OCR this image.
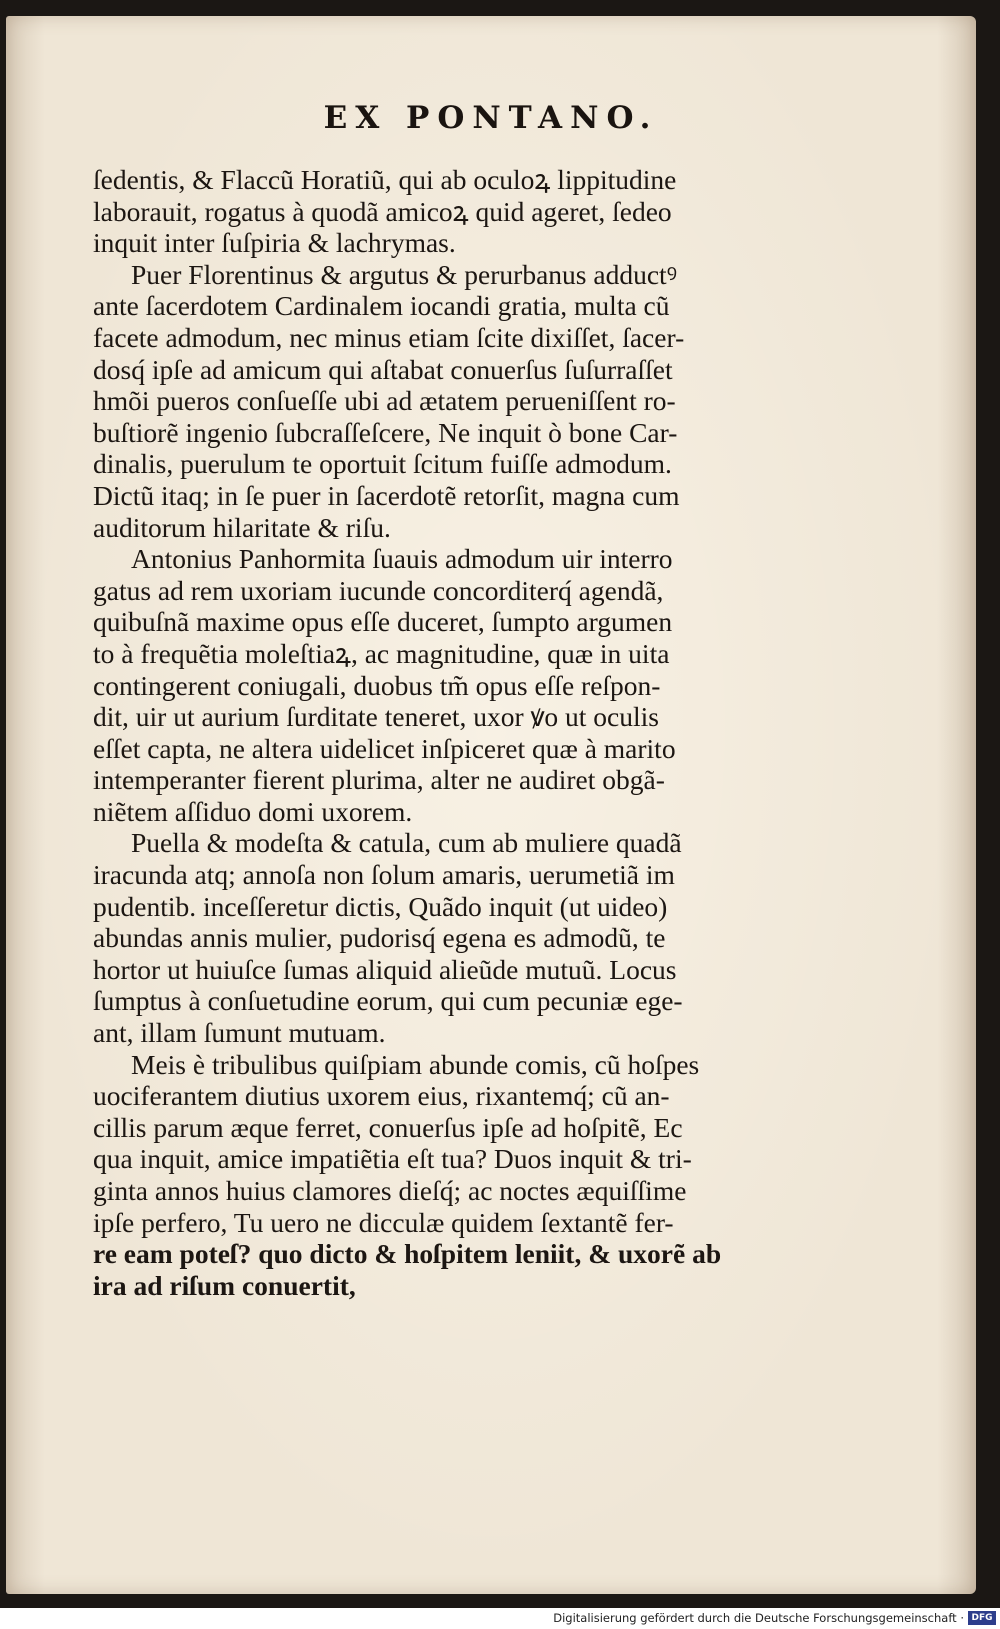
EX PONTANO.
ſedentis, & Flaccũ Horatiũ, qui ab oculoꝝ lippitudine
laborauit, rogatus à quodã amicoꝝ quid ageret, ſedeo
inquit inter ſuſpiria & lachrymas.
Puer Florentinus & argutus & perurbanus adductꝰ
ante ſacerdotem Cardinalem iocandi gratia, multa cũ
facete admodum, nec minus etiam ſcite dixiſſet, ſacer-
dosq́ ipſe ad amicum qui aſtabat conuerſus ſuſurraſſet
hmõi pueros conſueſſe ubi ad ætatem perueniſſent ro-
buſtiorẽ ingenio ſubcraſſeſcere, Ne inquit ò bone Car-
dinalis, puerulum te oportuit ſcitum fuiſſe admodum.
Dictũ itaq; in ſe puer in ſacerdotẽ retorſit, magna cum
auditorum hilaritate & riſu.
Antonius Panhormita ſuauis admodum uir interro
gatus ad rem uxoriam iucunde concorditerq́ agendã,
quibuſnã maxime opus eſſe duceret, ſumpto argumen
to à frequẽtia moleſtiaꝝ, ac magnitudine, quæ in uita
contingerent coniugali, duobus tm̃ opus eſſe reſpon-
dit, uir ut aurium ſurditate teneret, uxor ꝟo ut oculis
eſſet capta, ne altera uidelicet inſpiceret quæ à marito
intemperanter fierent plurima, alter ne audiret obgã-
niẽtem aſſiduo domi uxorem.
Puella & modeſta & catula, cum ab muliere quadã
iracunda atq; annoſa non ſolum amaris, uerumetiã im
pudentib. inceſſeretur dictis, Quãdo inquit (ut uideo)
abundas annis mulier, pudorisq́ egena es admodũ, te
hortor ut huiuſce ſumas aliquid alieũde mutuũ. Locus
ſumptus à conſuetudine eorum, qui cum pecuniæ ege-
ant, illam ſumunt mutuam.
Meis è tribulibus quiſpiam abunde comis, cũ hoſpes
uociferantem diutius uxorem eius, rixantemq́; cũ an-
cillis parum æque ferret, conuerſus ipſe ad hoſpitẽ, Ec
qua inquit, amice impatiẽtia eſt tua? Duos inquit & tri-
ginta annos huius clamores dieſq́; ac noctes æquiſſime
ipſe perfero, Tu uero ne dicculæ quidem ſextantẽ fer-
re eam poteſ? quo dicto & hoſpitem leniit, & uxorẽ ab
ira ad riſum conuertit,
Digitalisierung gefördert durch die Deutsche Forschungsgemeinschaft · DFG
